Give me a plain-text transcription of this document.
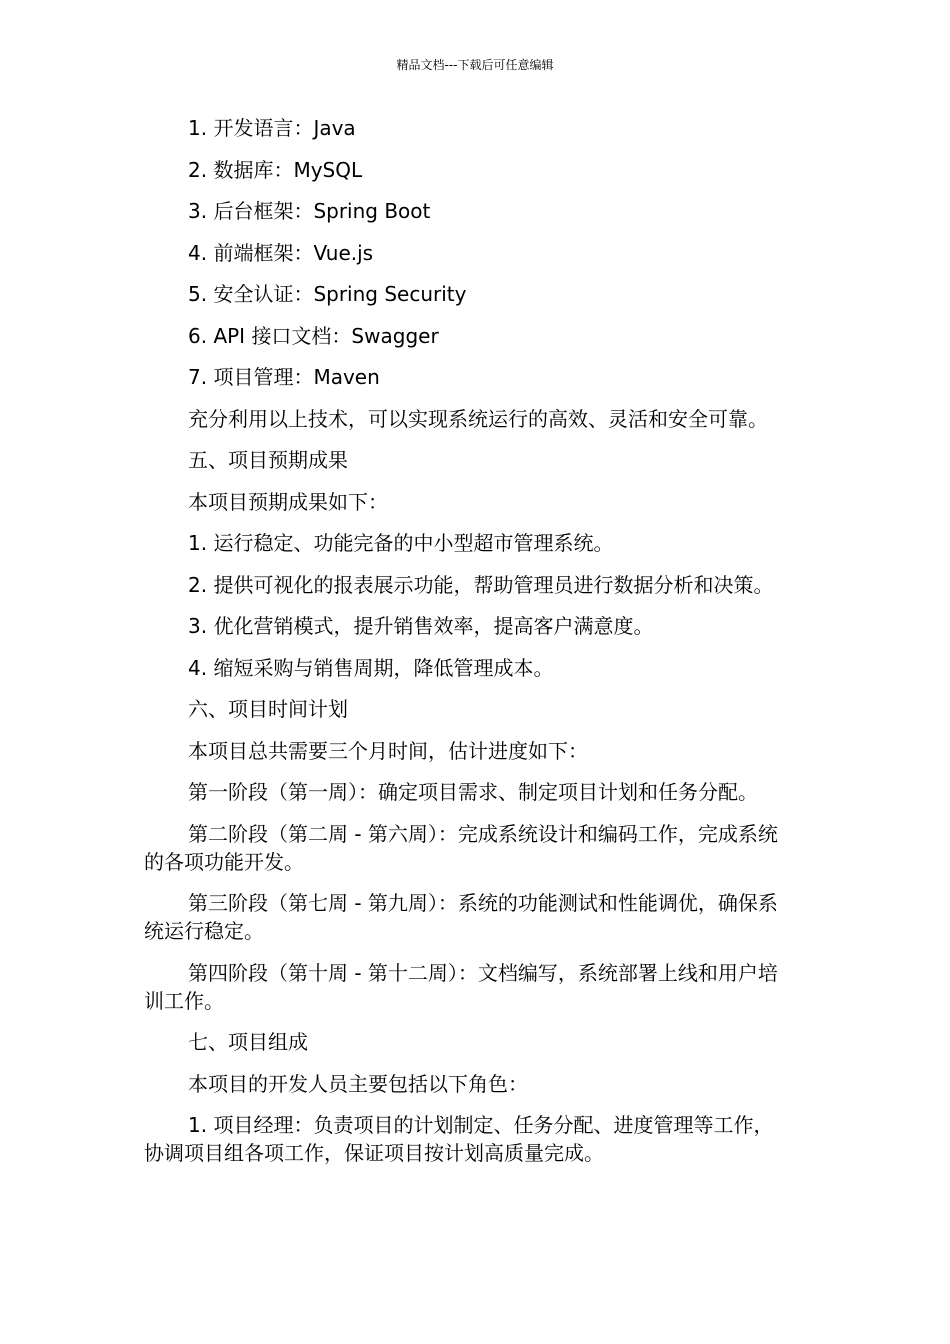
精品文档---下载后可任意编辑

1. 开发语言：Java

2. 数据库：MySQL

3. 后台框架：Spring Boot

4. 前端框架：Vue.js

5. 安全认证：Spring Security

6. API 接口文档：Swagger

7. 项目管理：Maven

充分利用以上技术，可以实现系统运行的高效、灵活和安全可靠。

五、项目预期成果

本项目预期成果如下：

1. 运行稳定、功能完备的中小型超市管理系统。

2. 提供可视化的报表展示功能，帮助管理员进行数据分析和决策。

3. 优化营销模式，提升销售效率，提高客户满意度。

4. 缩短采购与销售周期，降低管理成本。

六、项目时间计划

本项目总共需要三个月时间，估计进度如下：

第一阶段（第一周）：确定项目需求、制定项目计划和任务分配。

第二阶段（第二周 - 第六周）：完成系统设计和编码工作，完成系统的各项功能开发。

第三阶段（第七周 - 第九周）：系统的功能测试和性能调优，确保系统运行稳定。

第四阶段（第十周 - 第十二周）：文档编写，系统部署上线和用户培训工作。

七、项目组成

本项目的开发人员主要包括以下角色：

1. 项目经理：负责项目的计划制定、任务分配、进度管理等工作，协调项目组各项工作，保证项目按计划高质量完成。
